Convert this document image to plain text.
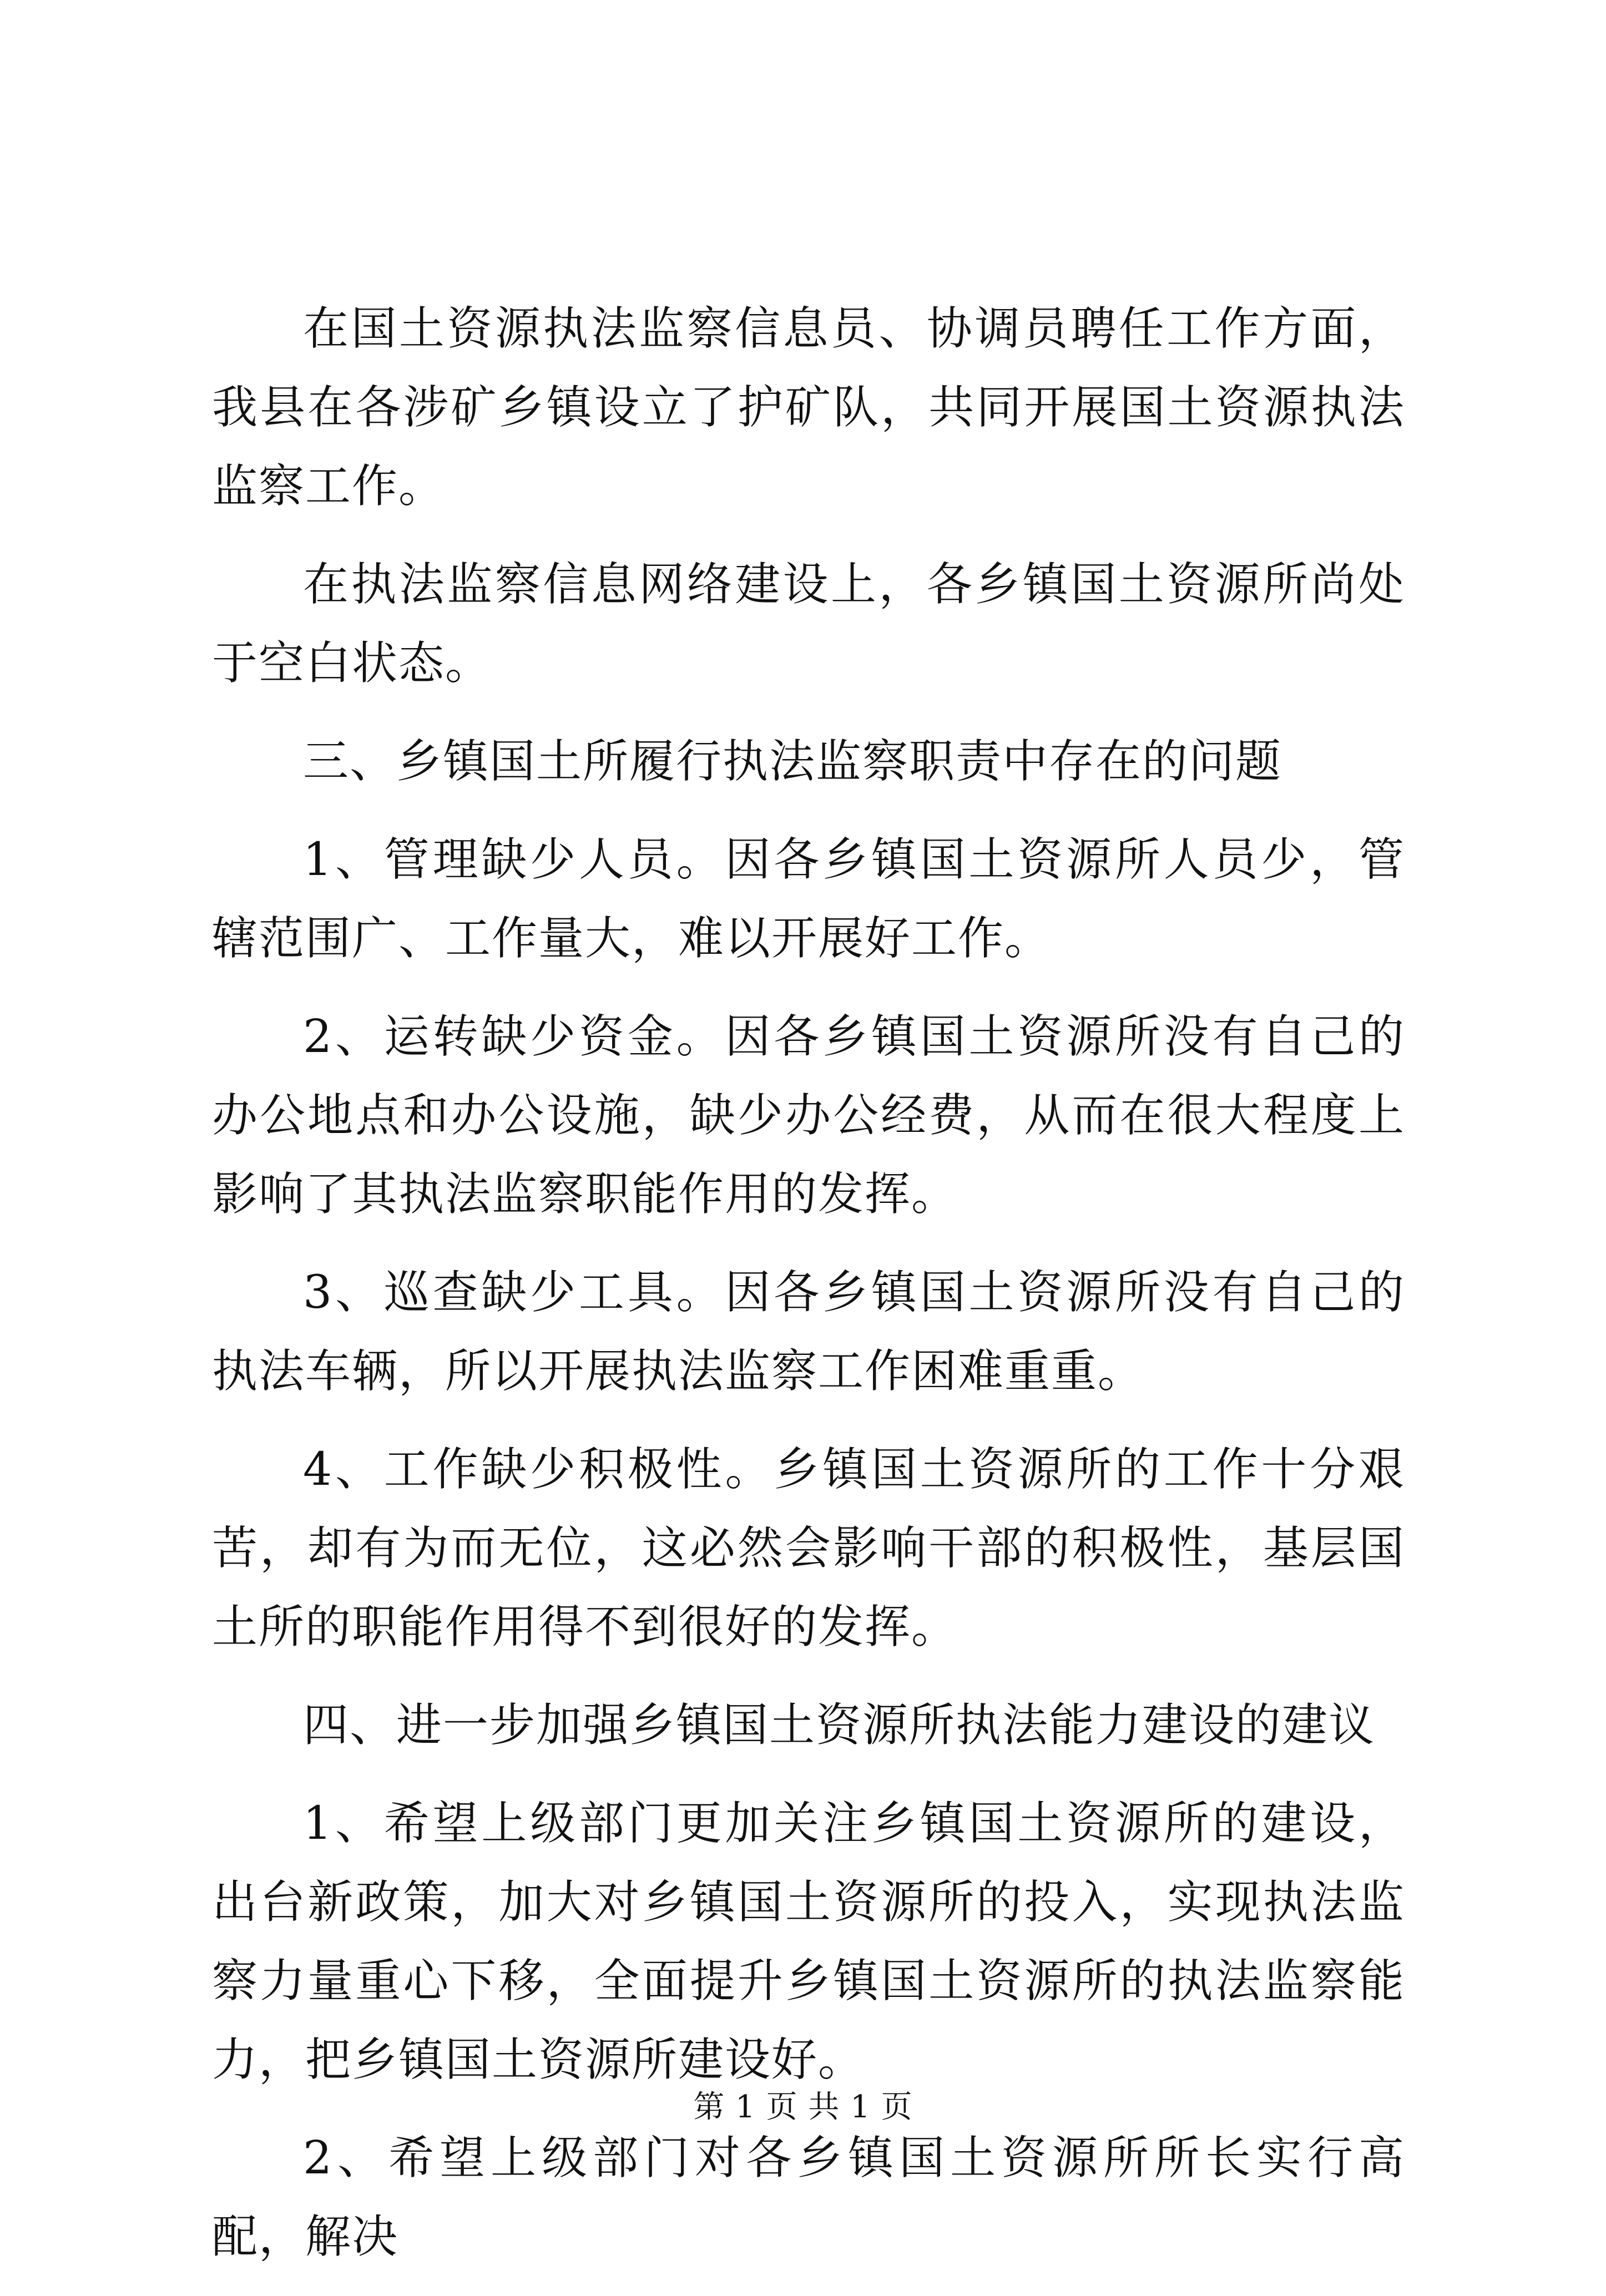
在国土资源执法监察信息员、协调员聘任工作方面，我县在各涉矿乡镇设立了护矿队，共同开展国土资源执法监察工作。

在执法监察信息网络建设上，各乡镇国土资源所尚处于空白状态。

三、乡镇国土所履行执法监察职责中存在的问题

1、管理缺少人员。因各乡镇国土资源所人员少，管辖范围广、工作量大，难以开展好工作。

2、运转缺少资金。因各乡镇国土资源所没有自己的办公地点和办公设施，缺少办公经费，从而在很大程度上影响了其执法监察职能作用的发挥。

3、巡查缺少工具。因各乡镇国土资源所没有自己的执法车辆，所以开展执法监察工作困难重重。

4、工作缺少积极性。乡镇国土资源所的工作十分艰苦，却有为而无位，这必然会影响干部的积极性，基层国土所的职能作用得不到很好的发挥。

四、进一步加强乡镇国土资源所执法能力建设的建议

1、希望上级部门更加关注乡镇国土资源所的建设，出台新政策，加大对乡镇国土资源所的投入，实现执法监察力量重心下移，全面提升乡镇国土资源所的执法监察能力，把乡镇国土资源所建设好。

2、希望上级部门对各乡镇国土资源所所长实行高配，解决

第 1 页 共 1 页
